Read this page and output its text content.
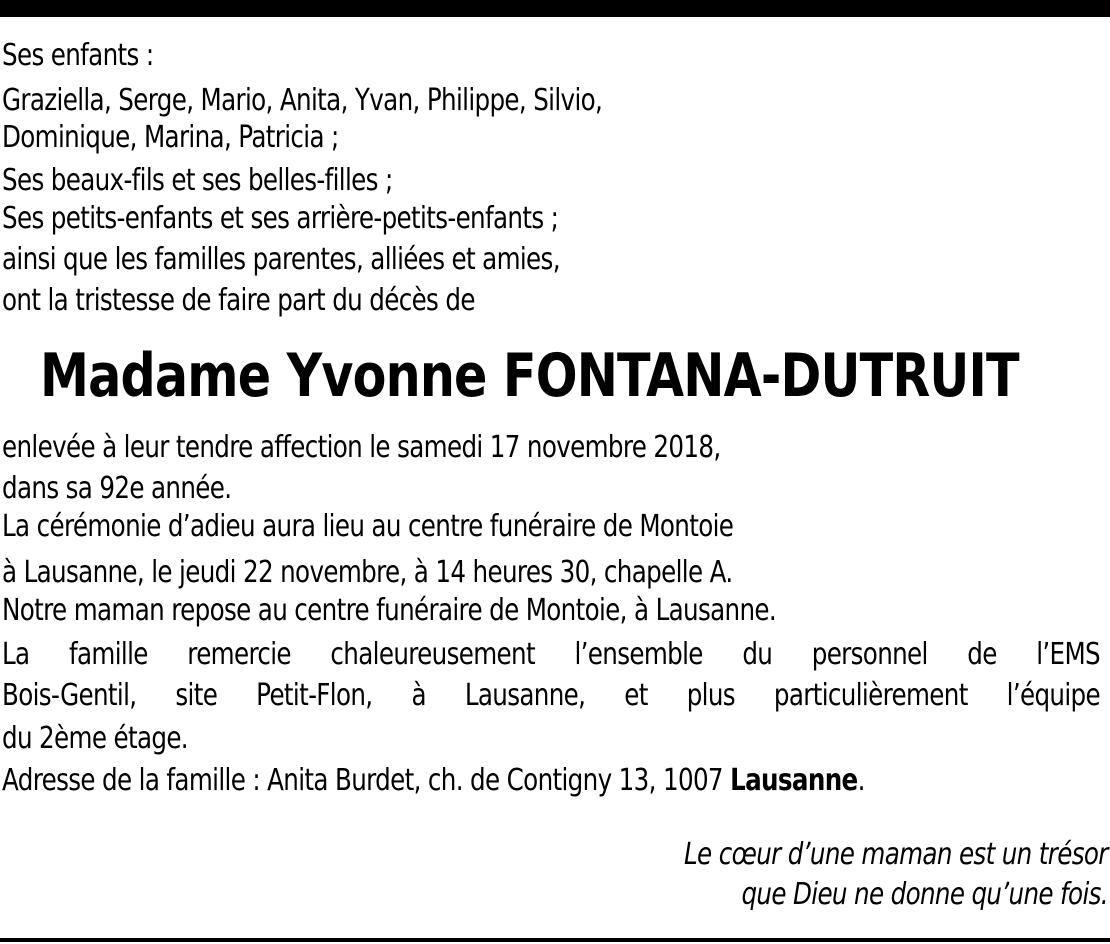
Ses enfants :

Graziella, Serge, Mario, Anita, Yvan, Philippe, Silvio,

Dominique, Marina, Patricia ;

Ses beaux-fils et ses belles-filles ;

Ses petits-enfants et ses arrière-petits-enfants ;

ainsi que les familles parentes, alliées et amies,

ont la tristesse de faire part du décès de

Madame Yvonne FONTANA-DUTRUIT

enlevée à leur tendre affection le samedi 17 novembre 2018,

dans sa 92e année.

La cérémonie d’adieu aura lieu au centre funéraire de Montoie

à Lausanne, le jeudi 22 novembre, à 14 heures 30, chapelle A.

Notre maman repose au centre funéraire de Montoie, à Lausanne.

La famille remercie chaleureusement l’ensemble du personnel de l’EMS

Bois-Gentil, site Petit-Flon, à Lausanne, et plus particulièrement l’équipe

du 2ème étage.

Adresse de la famille : Anita Burdet, ch. de Contigny 13, 1007 Lausanne.

Le cœur d’une maman est un trésor

que Dieu ne donne qu’une fois.
